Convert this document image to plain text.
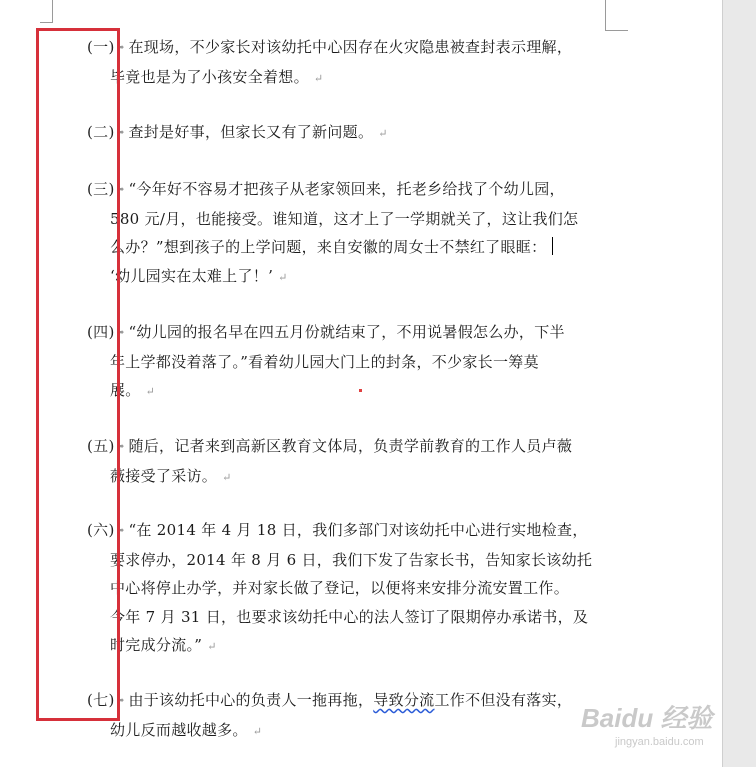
(一) ➡ 在现场，不少家长对该幼托中心因存在火灾隐患被查封表示理解，
毕竟也是为了小孩安全着想。 ↵
(二) ➡ 查封是好事，但家长又有了新问题。 ↵
(三) ➡ “今年好不容易才把孩子从老家领回来，托老乡给找了个幼儿园，
580 元/月，也能接受。谁知道，这才上了一学期就关了，这让我们怎
么办？”想到孩子的上学问题，来自安徽的周女士不禁红了眼眶：
‘幼儿园实在太难上了！’ ↵
(四) ➡ “幼儿园的报名早在四五月份就结束了，不用说暑假怎么办，下半
年上学都没着落了。”看着幼儿园大门上的封条，不少家长一筹莫
展。 ↵
(五) ➡ 随后，记者来到高新区教育文体局，负责学前教育的工作人员卢薇
薇接受了采访。 ↵
(六) ➡ “在 2014 年 4 月 18 日，我们多部门对该幼托中心进行实地检查，
要求停办，2014 年 8 月 6 日，我们下发了告家长书，告知家长该幼托
中心将停止办学，并对家长做了登记，以便将来安排分流安置工作。
今年 7 月 31 日，也要求该幼托中心的法人签订了限期停办承诺书，及
时完成分流。” ↵
(七) ➡ 由于该幼托中心的负责人一拖再拖，导致分流工作不但没有落实，
幼儿反而越收越多。 ↵	Baidu 经验
jingyan.baidu.com
